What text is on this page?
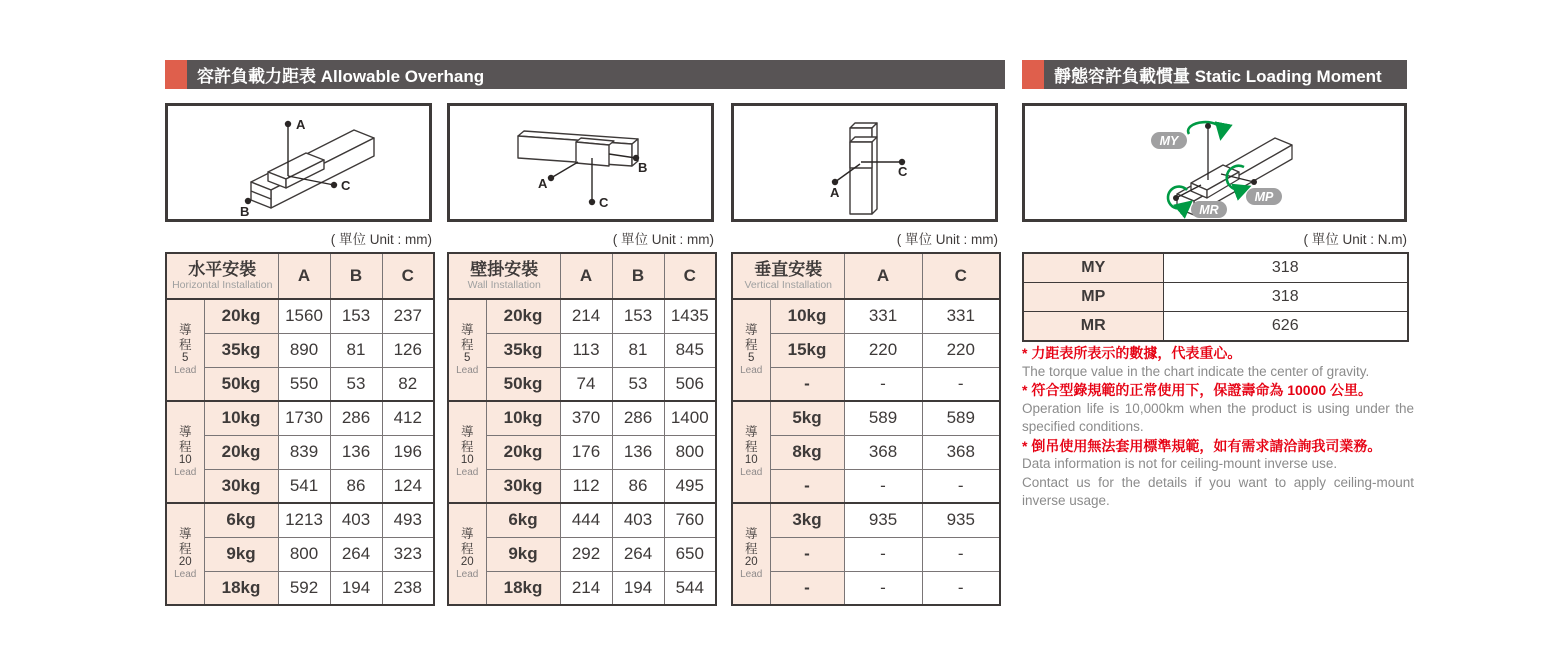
容許負載力距表 Allowable Overhang	靜態容許負載慣量 Static Loading Moment
A
C
B
A
C
B
A
C
MY
MP
MR
( 單位 Unit : mm)	( 單位 Unit : mm)	( 單位 Unit : mm)	( 單位 Unit : N.m)
水平安裝
Horizontal Installation		A	B	C

導程
5
Lead	20kg	1560	153	237
	35kg	890	81	126
	50kg	550	53	82

導程
10
Lead	10kg	1730	286	412
	20kg	839	136	196
	30kg	541	86	124

導程
20
Lead	6kg	1213	403	493
	9kg	800	264	323
	18kg	592	194	238
壁掛安裝
Wall Installation		A	B	C

導程
5
Lead	20kg	214	153	1435
	35kg	113	81	845
	50kg	74	53	506

導程
10
Lead	10kg	370	286	1400
	20kg	176	136	800
	30kg	112	86	495

導程
20
Lead	6kg	444	403	760
	9kg	292	264	650
	18kg	214	194	544
垂直安裝
Vertical Installation		A	C

導程
5
Lead	10kg	331	331
	15kg	220	220
	-	-	-

導程
10
Lead	5kg	589	589
	8kg	368	368
	-	-	-

導程
20
Lead	3kg	935	935
	-	-	-
	-	-	-
MY	318
MP	318
MR	626
* 力距表所表示的數據，代表重心。
The torque value in the chart indicate the center of gravity.
* 符合型錄規範的正常使用下，保證壽命為 10000 公里。
Operation life is 10,000km when the product is using under the specified conditions.
* 倒吊使用無法套用標準規範，如有需求請洽詢我司業務。
Data information is not for ceiling-mount inverse use.
Contact us for the details if you want to apply ceiling-mount inverse usage.
